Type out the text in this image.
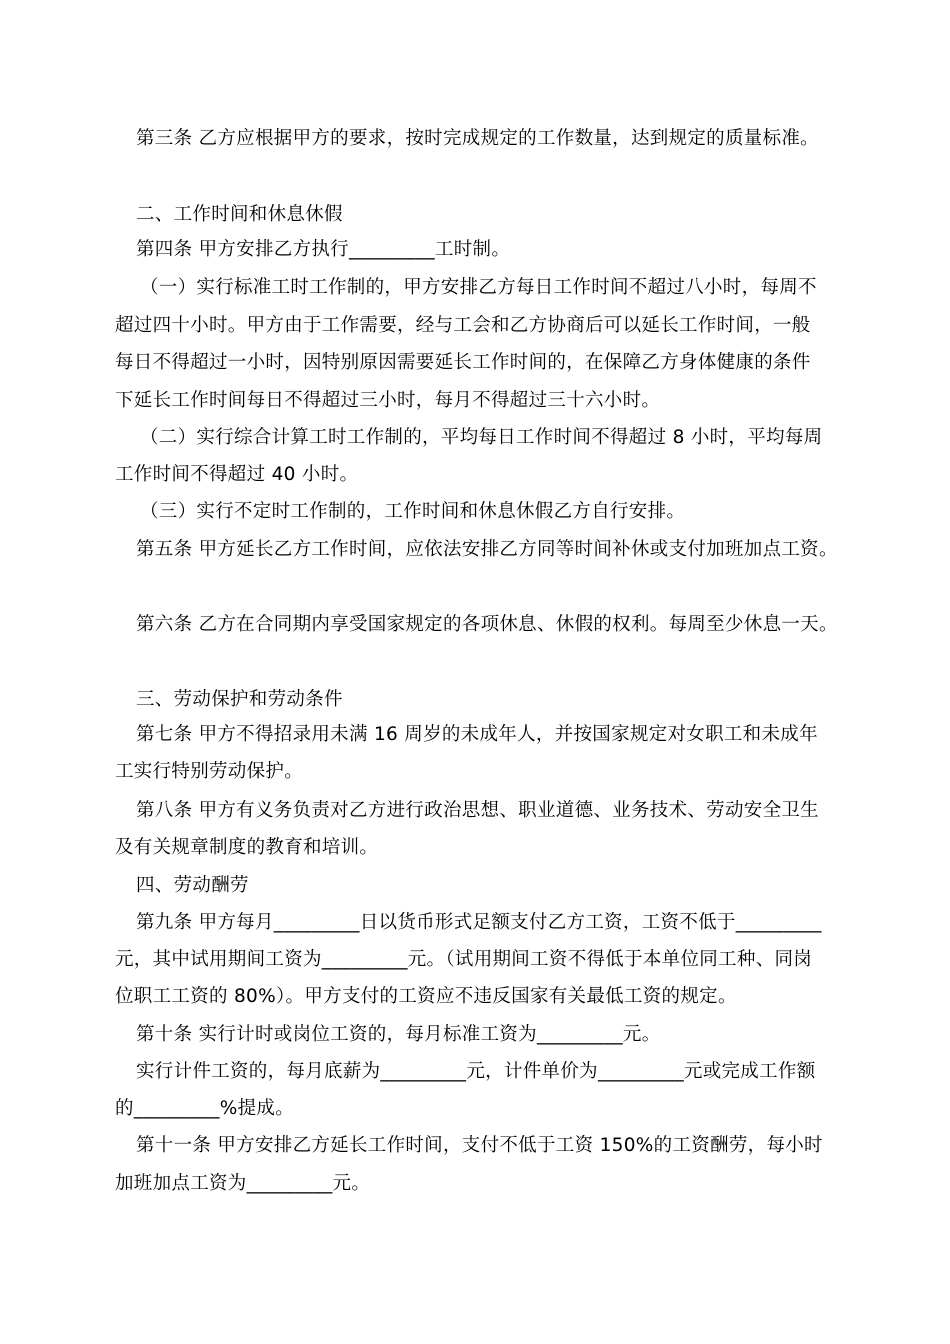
第三条 乙方应根据甲方的要求，按时完成规定的工作数量，达到规定的质量标准。
二、工作时间和休息休假
第四条 甲方安排乙方执行_________工时制。
（一）实行标准工时工作制的，甲方安排乙方每日工作时间不超过八小时，每周不
超过四十小时。甲方由于工作需要，经与工会和乙方协商后可以延长工作时间，一般
每日不得超过一小时，因特别原因需要延长工作时间的，在保障乙方身体健康的条件
下延长工作时间每日不得超过三小时，每月不得超过三十六小时。
（二）实行综合计算工时工作制的，平均每日工作时间不得超过 8 小时，平均每周
工作时间不得超过 40 小时。
（三）实行不定时工作制的，工作时间和休息休假乙方自行安排。
第五条 甲方延长乙方工作时间，应依法安排乙方同等时间补休或支付加班加点工资。
第六条 乙方在合同期内享受国家规定的各项休息、休假的权利。每周至少休息一天。
三、劳动保护和劳动条件
第七条 甲方不得招录用未满 16 周岁的未成年人，并按国家规定对女职工和未成年
工实行特别劳动保护。
第八条 甲方有义务负责对乙方进行政治思想、职业道德、业务技术、劳动安全卫生
及有关规章制度的教育和培训。
四、劳动酬劳
第九条 甲方每月_________日以货币形式足额支付乙方工资，工资不低于_________
元，其中试用期间工资为_________元。（试用期间工资不得低于本单位同工种、同岗
位职工工资的 80%）。甲方支付的工资应不违反国家有关最低工资的规定。
第十条 实行计时或岗位工资的，每月标准工资为_________元。
实行计件工资的，每月底薪为_________元，计件单价为_________元或完成工作额
的_________%提成。
第十一条 甲方安排乙方延长工作时间，支付不低于工资 150%的工资酬劳，每小时
加班加点工资为_________元。
